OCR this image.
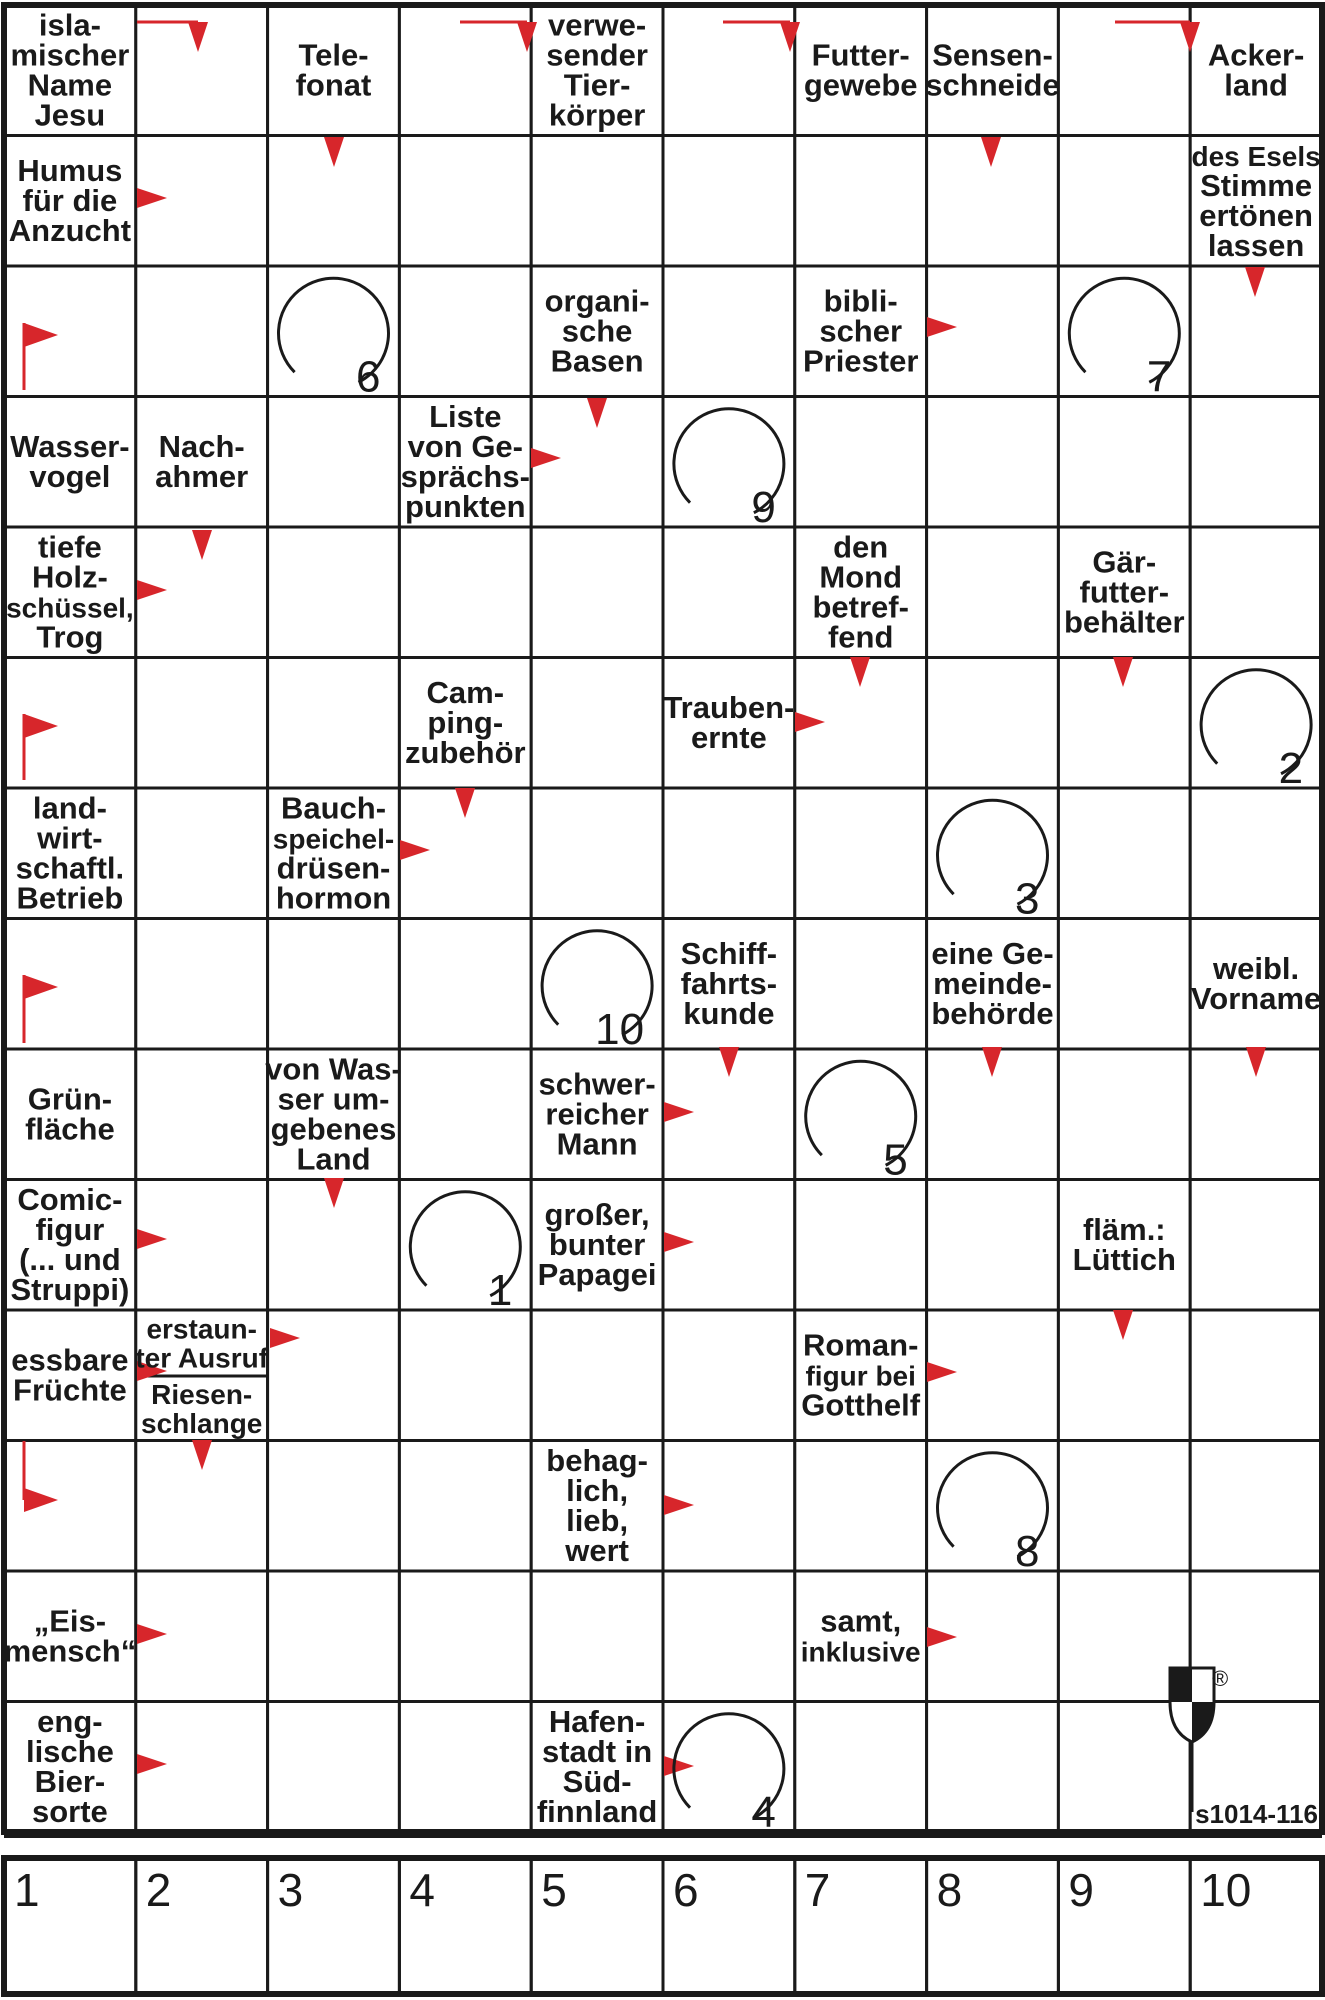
isla-
mischer
Name
Jesu
Tele-
fonat
verwe-
sender
Tier-
körper
Futter-
gewebe
Sensen-
schneide
Acker-
land
Humus
für die
Anzucht
des Esels
Stimme
ertönen
lassen
organi-
sche
Basen
bibli-
scher
Priester
Wasser-
vogel
Nach-
ahmer
Liste
von Ge-
sprächs-
punkten
tiefe
Holz-
schüssel,
Trog
den
Mond
betref-
fend
Gär-
futter-
behälter
Cam-
ping-
zubehör
Trauben-
ernte
land-
wirt-
schaftl.
Betrieb
Bauch-
speichel-
drüsen-
hormon
Schiff-
fahrts-
kunde
eine Ge-
meinde-
behörde
weibl.
Vorname
Grün-
fläche
von Was-
ser um-
gebenes
Land
schwer-
reicher
Mann
Comic-
figur
(... und
Struppi)
großer,
bunter
Papagei
fläm.:
Lüttich
essbare
Früchte
erstaun-
ter Ausruf
Riesen-
schlange
Roman-
figur bei
Gotthelf
behag-
lich,
lieb,
wert
„Eis-
mensch“
samt,
inklusive
eng-
lische
Bier-
sorte
Hafen-
stadt in
Süd-
finnland
1
2
3
4
5
6	7
8
9
10
1 2 3 4 5 6 7 8 9 10
s1014-116
®
